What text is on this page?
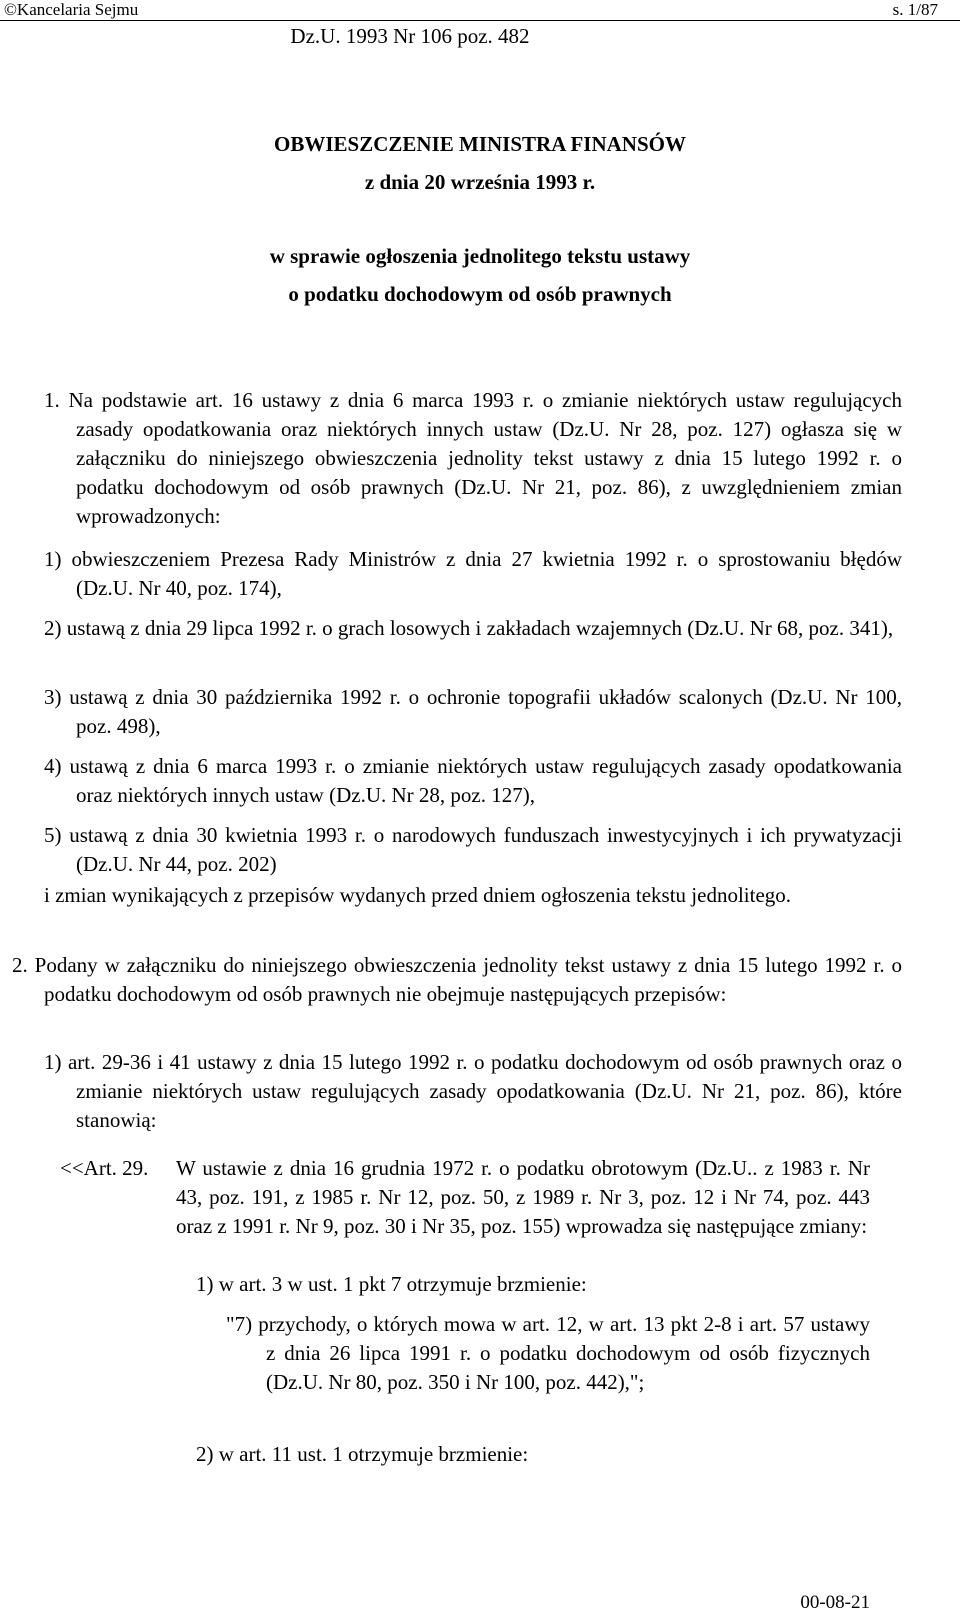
©Kancelaria Sejmu	s. 1/87
Dz.U. 1993 Nr 106 poz. 482
OBWIESZCZENIE MINISTRA FINANSÓW
z dnia 20 września 1993 r.
w sprawie ogłoszenia jednolitego tekstu ustawy
o podatku dochodowym od osób prawnych
1. Na podstawie art. 16 ustawy z dnia 6 marca 1993 r. o zmianie niektórych ustaw regulujących zasady opodatkowania oraz niektórych innych ustaw (Dz.U. Nr 28, poz. 127) ogłasza się w załączniku do niniejszego obwieszczenia jednolity tekst ustawy z dnia 15 lutego 1992 r. o podatku dochodowym od osób prawnych (Dz.U. Nr 21, poz. 86), z uwzględnieniem zmian wprowadzonych:
1) obwieszczeniem Prezesa Rady Ministrów z dnia 27 kwietnia 1992 r. o sprostowaniu błędów (Dz.U. Nr 40, poz. 174),
2) ustawą z dnia 29 lipca 1992 r. o grach losowych i zakładach wzajemnych (Dz.U. Nr 68, poz. 341),
3) ustawą z dnia 30 października 1992 r. o ochronie topografii układów scalonych (Dz.U. Nr 100, poz. 498),
4) ustawą z dnia 6 marca 1993 r. o zmianie niektórych ustaw regulujących zasady opodatkowania oraz niektórych innych ustaw (Dz.U. Nr 28, poz. 127),
5) ustawą z dnia 30 kwietnia 1993 r. o narodowych funduszach inwestycyjnych i ich prywatyzacji (Dz.U. Nr 44, poz. 202)
i zmian wynikających z przepisów wydanych przed dniem ogłoszenia tekstu jednolitego.
2. Podany w załączniku do niniejszego obwieszczenia jednolity tekst ustawy z dnia 15 lutego 1992 r. o podatku dochodowym od osób prawnych nie obejmuje następujących przepisów:
1) art. 29-36 i 41 ustawy z dnia 15 lutego 1992 r. o podatku dochodowym od osób prawnych oraz o zmianie niektórych ustaw regulujących zasady opodatkowania (Dz.U. Nr 21, poz. 86), które stanowią:
<<Art. 29.	W ustawie z dnia 16 grudnia 1972 r. o podatku obrotowym (Dz.U.. z 1983 r. Nr 43, poz. 191, z 1985 r. Nr 12, poz. 50, z 1989 r. Nr 3, poz. 12 i Nr 74, poz. 443 oraz z 1991 r. Nr 9, poz. 30 i Nr 35, poz. 155) wprowadza się następujące zmiany:
1) w art. 3 w ust. 1 pkt 7 otrzymuje brzmienie:
"7) przychody, o których mowa w art. 12, w art. 13 pkt 2-8 i art. 57 ustawy z dnia 26 lipca 1991 r. o podatku dochodowym od osób fizycznych (Dz.U. Nr 80, poz. 350 i Nr 100, poz. 442),";
2) w art. 11 ust. 1 otrzymuje brzmienie:
00-08-21
